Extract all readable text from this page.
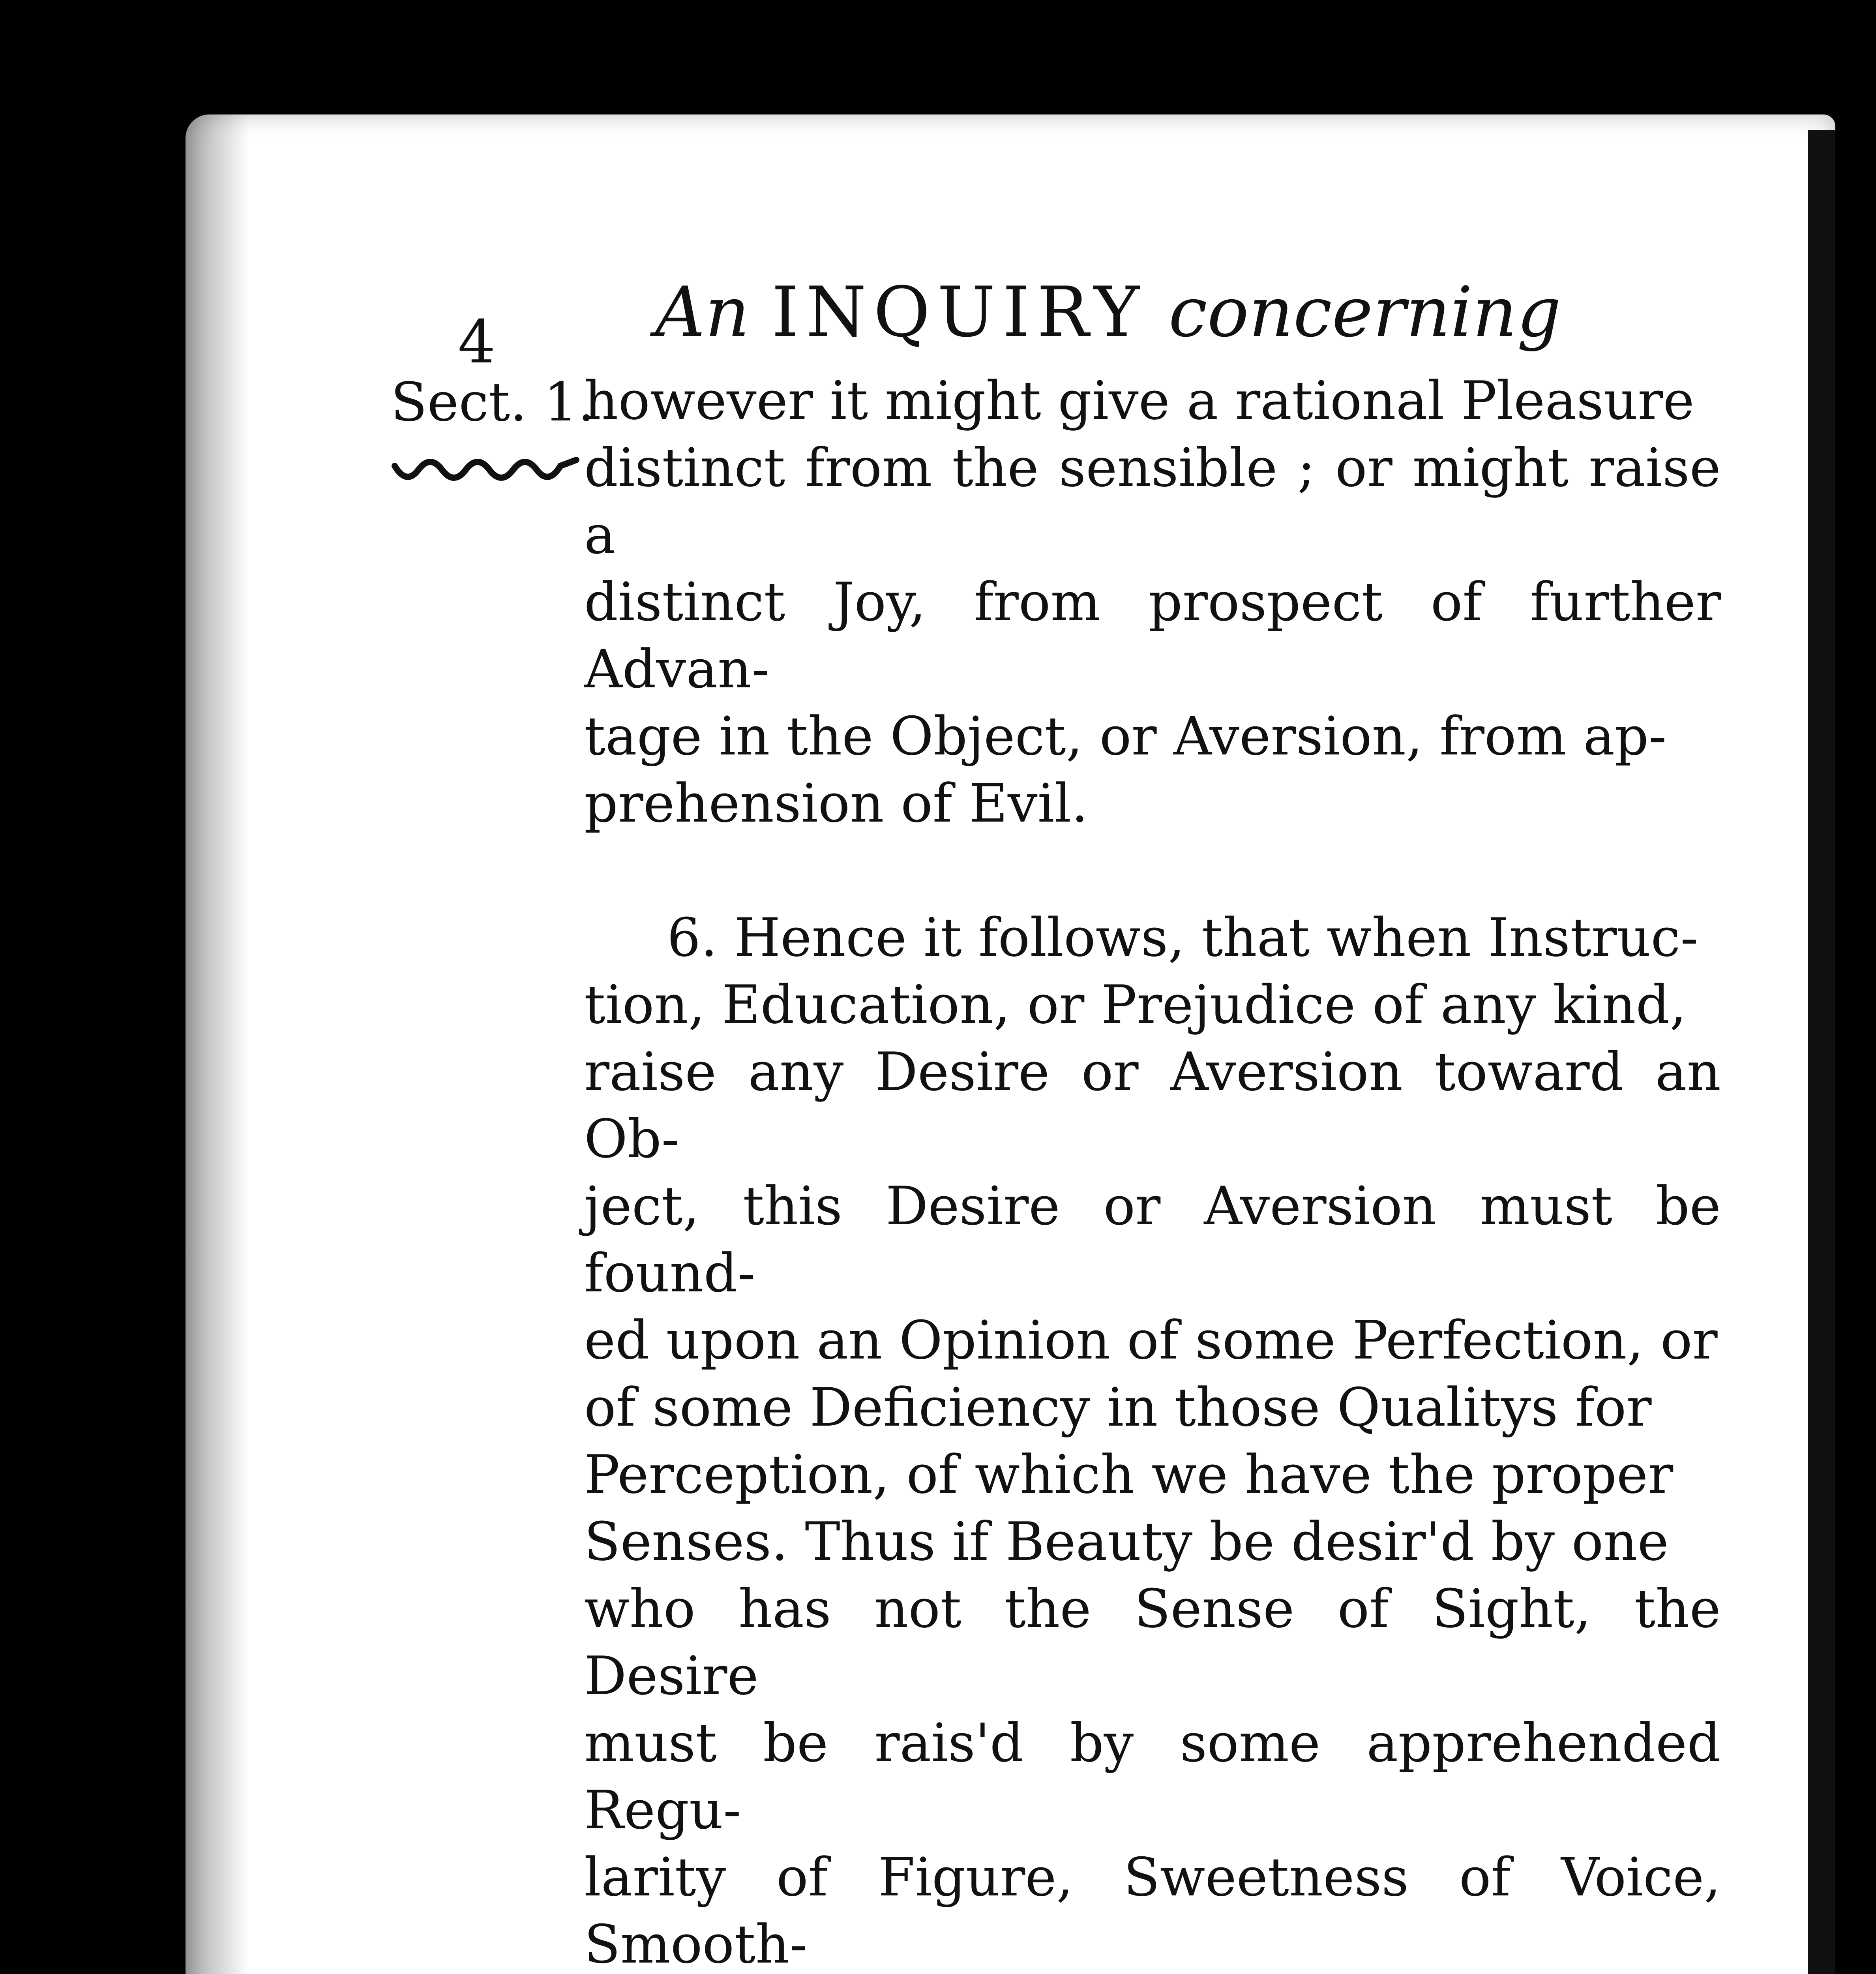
4 An INQUIRY concerning
Sect. 1.

however it might give a rational Pleasure

distinct from the sensible ; or might raise a

distinct Joy, from prospect of further Advan-

tage in the Object, or Aversion, from ap-

prehension of Evil.

6. Hence it follows, that when Instruc-

tion, Education, or Prejudice of any kind,

raise any Desire or Aversion toward an Ob-

ject, this Desire or Aversion must be found-

ed upon an Opinion of some Perfection, or

of some Deficiency in those Qualitys for

Perception, of which we have the proper

Senses. Thus if Beauty be desir'd by one

who has not the Sense of Sight, the Desire

must be rais'd by some apprehended Regu-

larity of Figure, Sweetness of Voice, Smooth-
